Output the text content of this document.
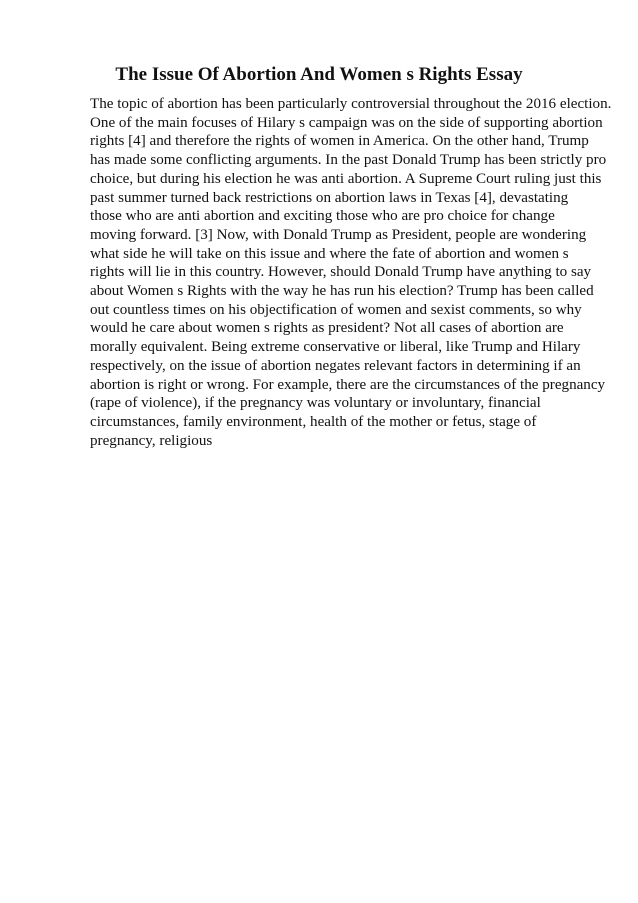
The Issue Of Abortion And Women s Rights Essay
The topic of abortion has been particularly controversial throughout the 2016 election.
One of the main focuses of Hilary s campaign was on the side of supporting abortion
rights [4] and therefore the rights of women in America. On the other hand, Trump
has made some conflicting arguments. In the past Donald Trump has been strictly pro
choice, but during his election he was anti abortion. A Supreme Court ruling just this
past summer turned back restrictions on abortion laws in Texas [4], devastating
those who are anti abortion and exciting those who are pro choice for change
moving forward. [3] Now, with Donald Trump as President, people are wondering
what side he will take on this issue and where the fate of abortion and women s
rights will lie in this country. However, should Donald Trump have anything to say
about Women s Rights with the way he has run his election? Trump has been called
out countless times on his objectification of women and sexist comments, so why
would he care about women s rights as president? Not all cases of abortion are
morally equivalent. Being extreme conservative or liberal, like Trump and Hilary
respectively, on the issue of abortion negates relevant factors in determining if an
abortion is right or wrong. For example, there are the circumstances of the pregnancy
(rape of violence), if the pregnancy was voluntary or involuntary, financial
circumstances, family environment, health of the mother or fetus, stage of
pregnancy, religious
